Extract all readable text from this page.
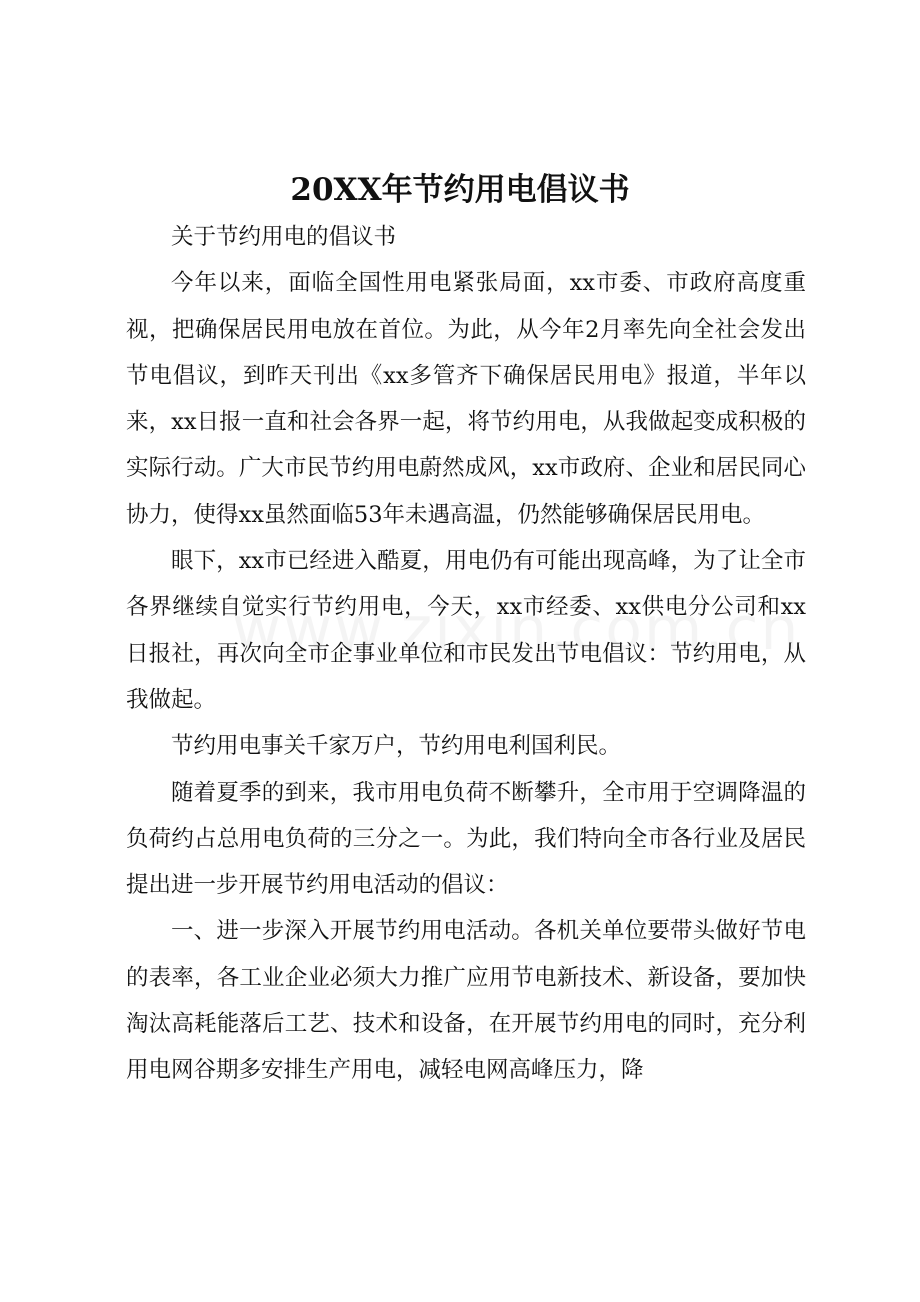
20XX年节约用电倡议书

关于节约用电的倡议书

今年以来，面临全国性用电紧张局面，xx市委、市政府高度重视，把确保居民用电放在首位。为此，从今年2月率先向全社会发出节电倡议，到昨天刊出《xx多管齐下确保居民用电》报道，半年以来，xx日报一直和社会各界一起，将节约用电，从我做起变成积极的实际行动。广大市民节约用电蔚然成风，xx市政府、企业和居民同心协力，使得xx虽然面临53年未遇高温，仍然能够确保居民用电。

眼下，xx市已经进入酷夏，用电仍有可能出现高峰，为了让全市各界继续自觉实行节约用电，今天，xx市经委、xx供电分公司和xx日报社，再次向全市企事业单位和市民发出节电倡议：节约用电，从我做起。

节约用电事关千家万户，节约用电利国利民。

随着夏季的到来，我市用电负荷不断攀升，全市用于空调降温的负荷约占总用电负荷的三分之一。为此，我们特向全市各行业及居民提出进一步开展节约用电活动的倡议：

一、进一步深入开展节约用电活动。各机关单位要带头做好节电的表率，各工业企业必须大力推广应用节电新技术、新设备，要加快淘汰高耗能落后工艺、技术和设备，在开展节约用电的同时，充分利用电网谷期多安排生产用电，减轻电网高峰压力，降
